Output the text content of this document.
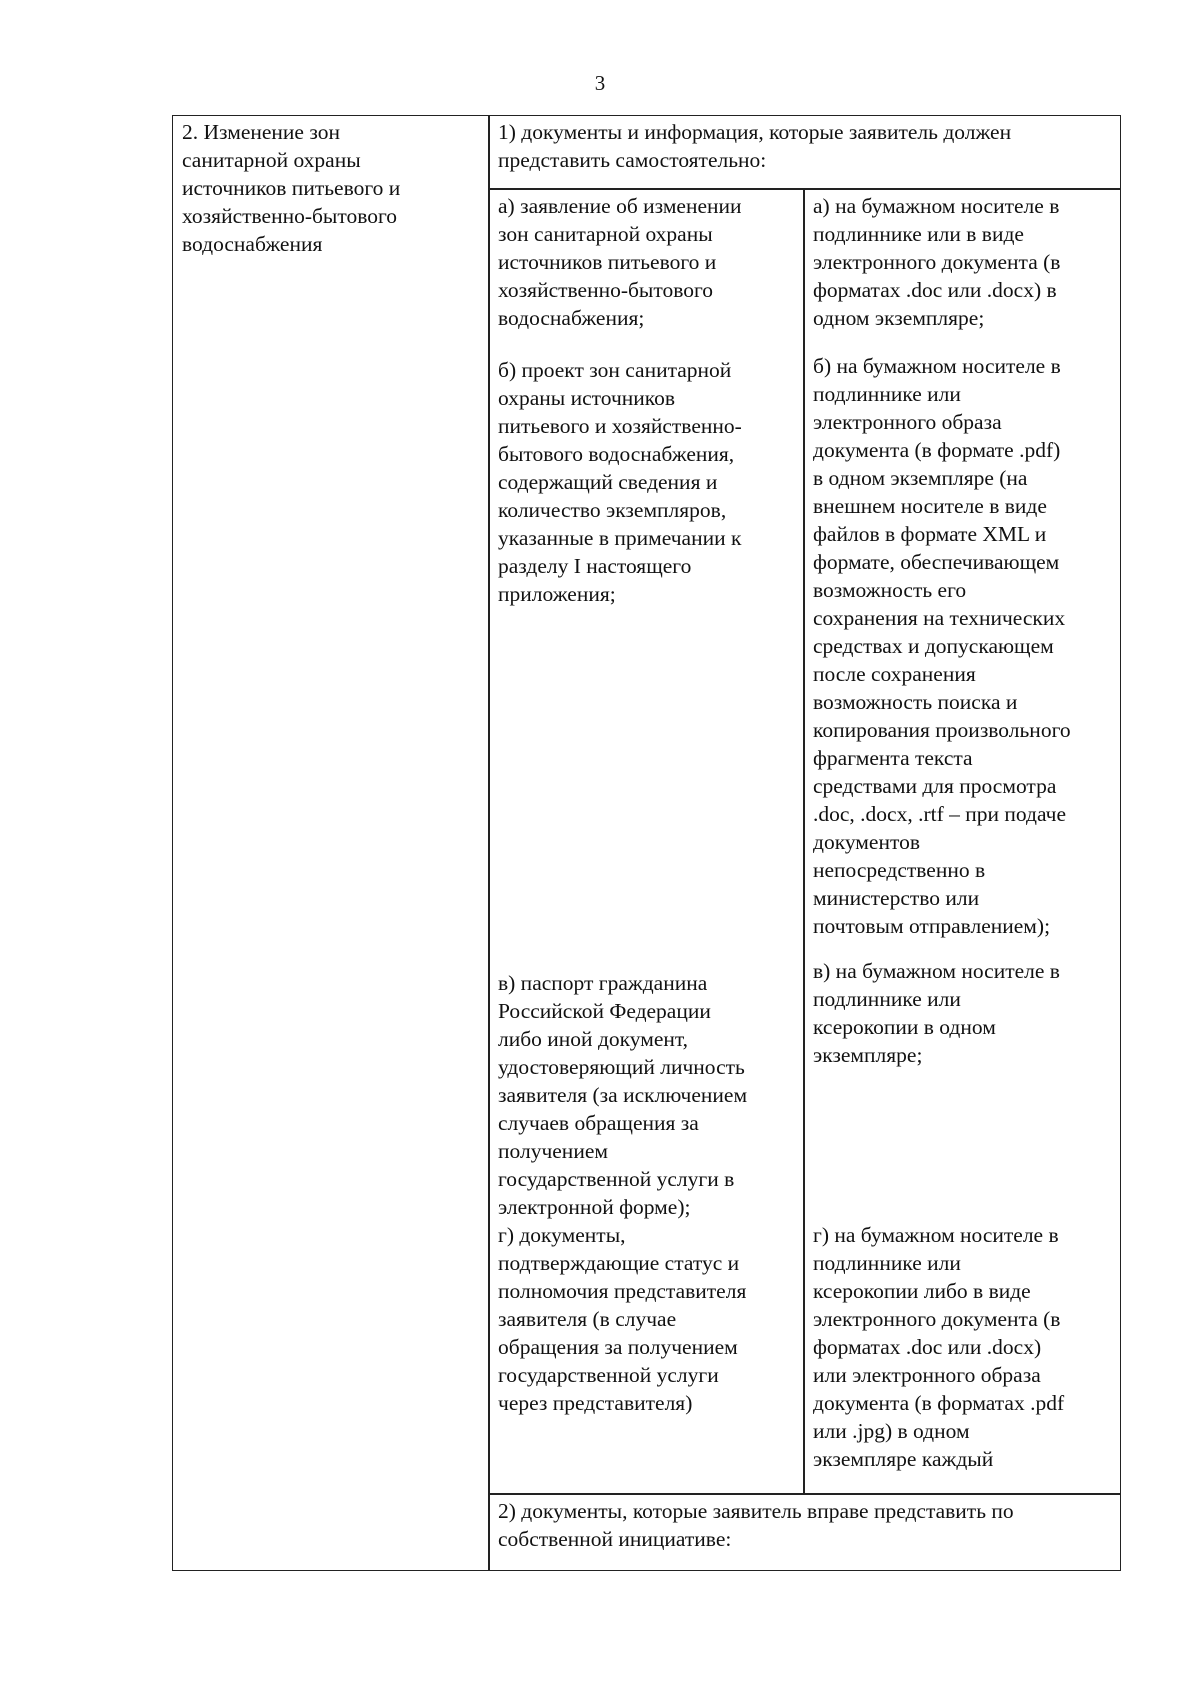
3
2. Изменение зон
санитарной охраны
источников питьевого и
хозяйственно-бытового
водоснабжения
1) документы и информация, которые заявитель должен
представить самостоятельно:
а) заявление об изменении
зон санитарной охраны
источников питьевого и
хозяйственно-бытового
водоснабжения;
а) на бумажном носителе в
подлиннике или в виде
электронного документа (в
форматах .doc или .docx) в
одном экземпляре;
б) проект зон санитарной
охраны источников
питьевого и хозяйственно-
бытового водоснабжения,
содержащий сведения и
количество экземпляров,
указанные в примечании к
разделу I настоящего
приложения;
б) на бумажном носителе в
подлиннике или
электронного образа
документа (в формате .pdf)
в одном экземпляре (на
внешнем носителе в виде
файлов в формате XML и
формате, обеспечивающем
возможность его
сохранения на технических
средствах и допускающем
после сохранения
возможность поиска и
копирования произвольного
фрагмента текста
средствами для просмотра
.doc, .docx, .rtf – при подаче
документов
непосредственно в
министерство или
почтовым отправлением);
в) паспорт гражданина
Российской Федерации
либо иной документ,
удостоверяющий личность
заявителя (за исключением
случаев обращения за
получением
государственной услуги в
электронной форме);
в) на бумажном носителе в
подлиннике или
ксерокопии в одном
экземпляре;
г) документы,
подтверждающие статус и
полномочия представителя
заявителя (в случае
обращения за получением
государственной услуги
через представителя)
г) на бумажном носителе в
подлиннике или
ксерокопии либо в виде
электронного документа (в
форматах .doc или .docx)
или электронного образа
документа (в форматах .pdf
или .jpg) в одном
экземпляре каждый
2) документы, которые заявитель вправе представить по
собственной инициативе:
